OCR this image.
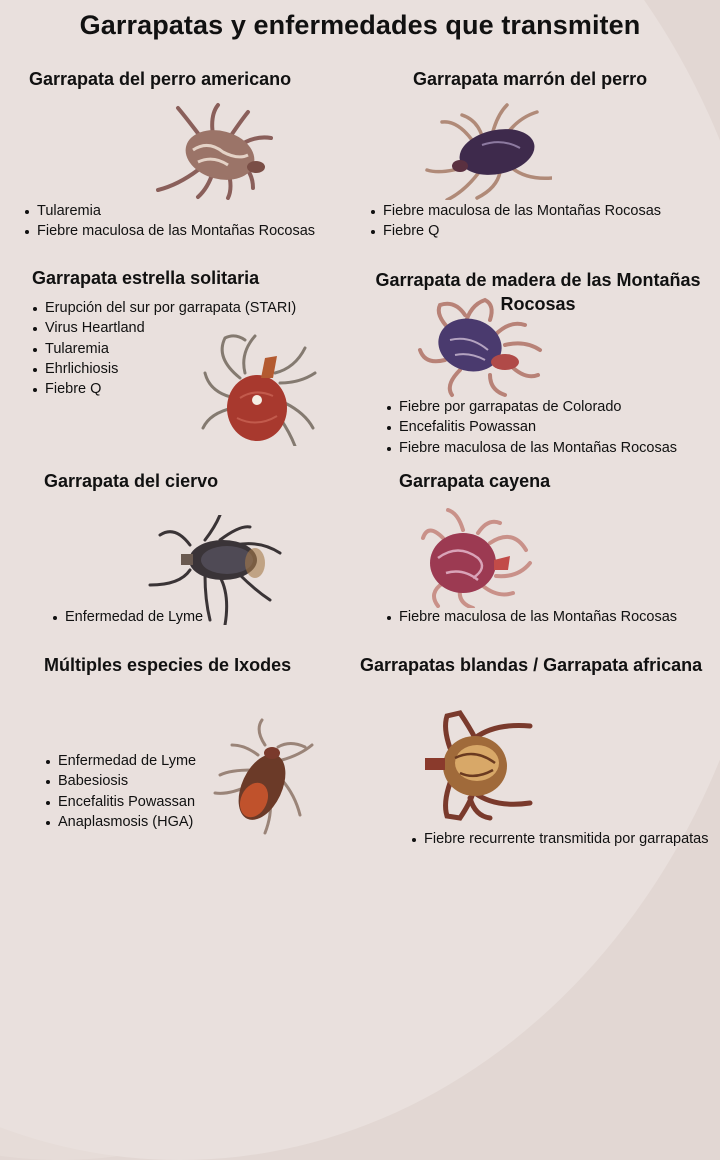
Garrapatas y enfermedades que transmiten
Garrapata del perro americano
Tularemia
Fiebre maculosa de las Montañas Rocosas
Garrapata marrón del perro
Fiebre maculosa de las Montañas Rocosas
Fiebre Q
Garrapata estrella solitaria
Erupción del sur por garrapata (STARI)
Virus Heartland
Tularemia
Ehrlichiosis
Fiebre Q
Garrapata de madera de las Montañas
Rocosas
Fiebre por garrapatas de Colorado
Encefalitis Powassan
Fiebre maculosa de las Montañas Rocosas
Garrapata del ciervo
Enfermedad de Lyme
Garrapata cayena
Fiebre maculosa de las Montañas Rocosas
Múltiples especies de Ixodes
Enfermedad de Lyme
Babesiosis
Encefalitis Powassan
Anaplasmosis (HGA)
Garrapatas blandas / Garrapata africana
Fiebre recurrente transmitida por garrapatas
